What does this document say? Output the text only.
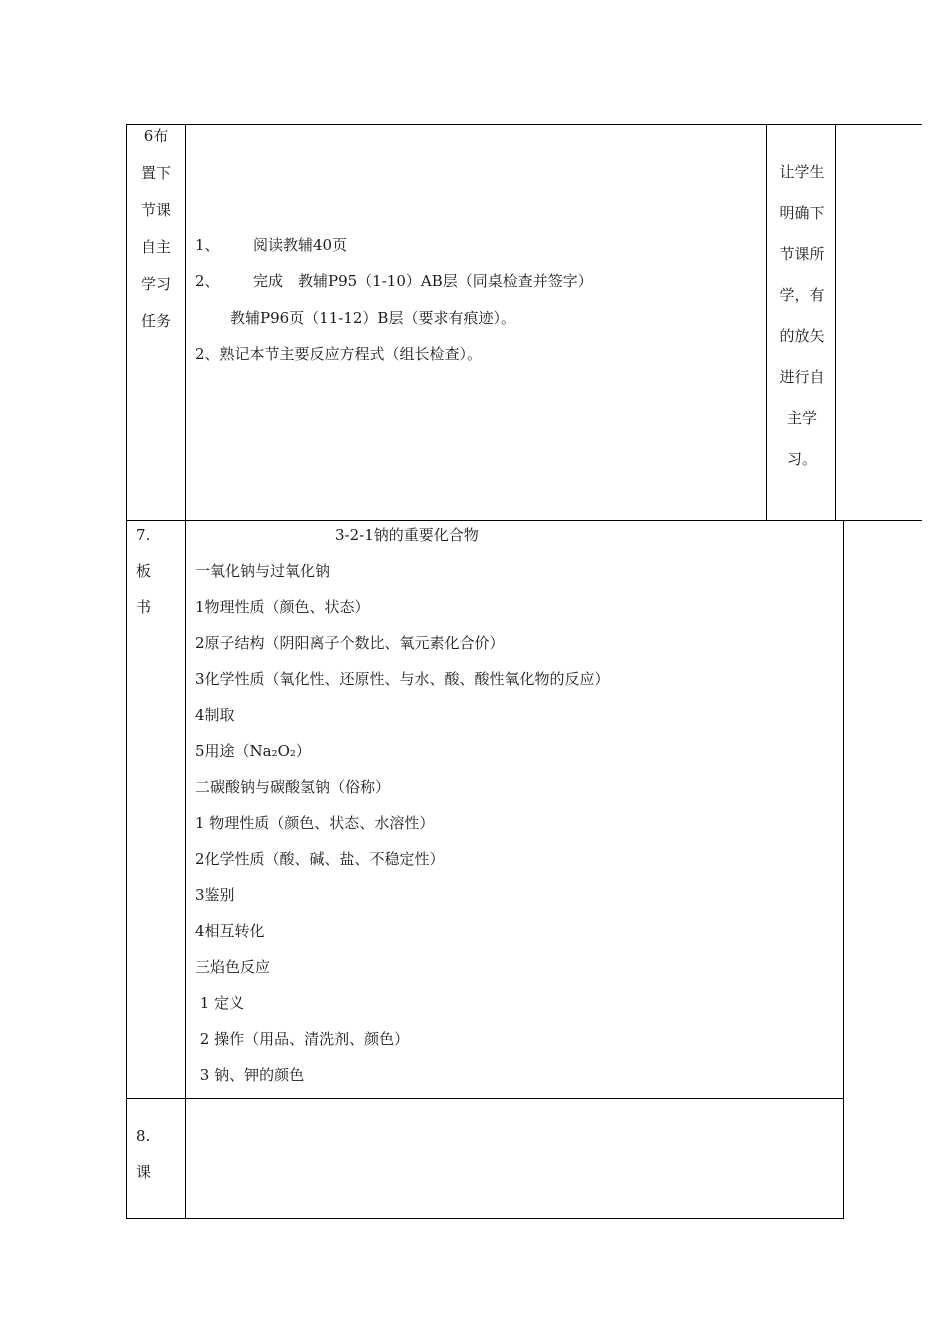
6布
置下
节课
自主
学习
任务
1、 阅读教辅40页
2、 完成　教辅P95（1-10）AB层（同桌检查并签字）
教辅P96页（11-12）B层（要求有痕迹）。
2、熟记本节主要反应方程式（组长检查）。
让学生
明确下
节课所
学，有
的放矢
进行自
主学
习。
7.
板
书
3-2-1钠的重要化合物
一氧化钠与过氧化钠
1物理性质（颜色、状态）
2原子结构（阴阳离子个数比、氧元素化合价）
3化学性质（氧化性、还原性、与水、酸、酸性氧化物的反应）
4制取
5用途（Na₂O₂）
二碳酸钠与碳酸氢钠（俗称）
1 物理性质（颜色、状态、水溶性）
2化学性质（酸、碱、盐、不稳定性）
3鉴别
4相互转化
三焰色反应
1 定义
2 操作（用品、清洗剂、颜色）
3 钠、钾的颜色
8.
课
